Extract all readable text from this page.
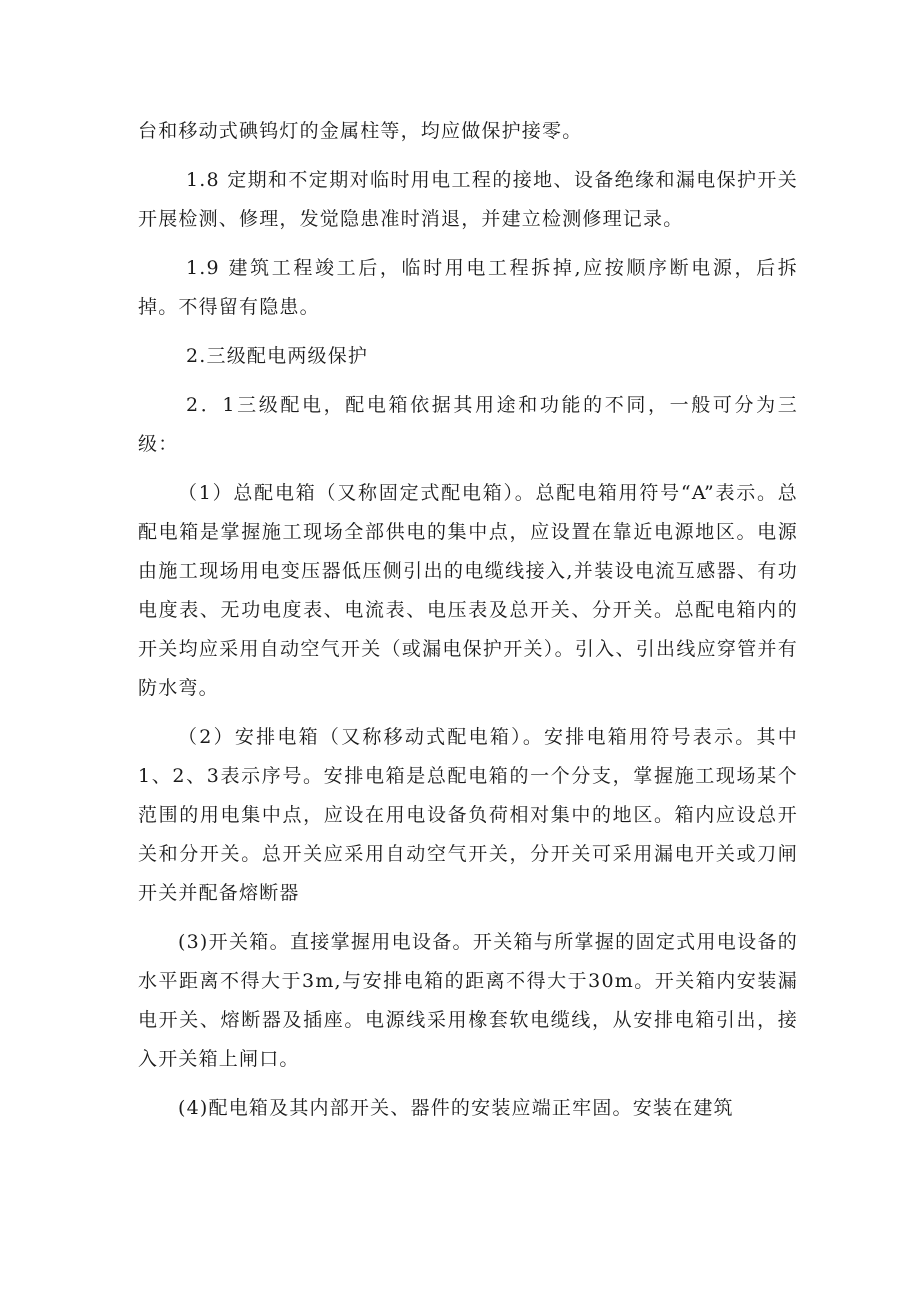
台和移动式碘钨灯的金属柱等，均应做保护接零。

1.8 定期和不定期对临时用电工程的接地、设备绝缘和漏电保护开关开展检测、修理，发觉隐患准时消退，并建立检测修理记录。

1.9 建筑工程竣工后，临时用电工程拆掉,应按顺序断电源，后拆掉。不得留有隐患。

2.三级配电两级保护

2．1三级配电，配电箱依据其用途和功能的不同，一般可分为三级：

（1）总配电箱（又称固定式配电箱）。总配电箱用符号“A”表示。总配电箱是掌握施工现场全部供电的集中点，应设置在靠近电源地区。电源由施工现场用电变压器低压侧引出的电缆线接入,并装设电流互感器、有功电度表、无功电度表、电流表、电压表及总开关、分开关。总配电箱内的开关均应采用自动空气开关（或漏电保护开关）。引入、引出线应穿管并有防水弯。

（2）安排电箱（又称移动式配电箱）。安排电箱用符号表示。其中1、2、3表示序号。安排电箱是总配电箱的一个分支，掌握施工现场某个范围的用电集中点，应设在用电设备负荷相对集中的地区。箱内应设总开关和分开关。总开关应采用自动空气开关，分开关可采用漏电开关或刀闸开关并配备熔断器

(3)开关箱。直接掌握用电设备。开关箱与所掌握的固定式用电设备的水平距离不得大于3m,与安排电箱的距离不得大于30m。开关箱内安装漏电开关、熔断器及插座。电源线采用橡套软电缆线，从安排电箱引出，接入开关箱上闸口。

(4)配电箱及其内部开关、器件的安装应端正牢固。安装在建筑
